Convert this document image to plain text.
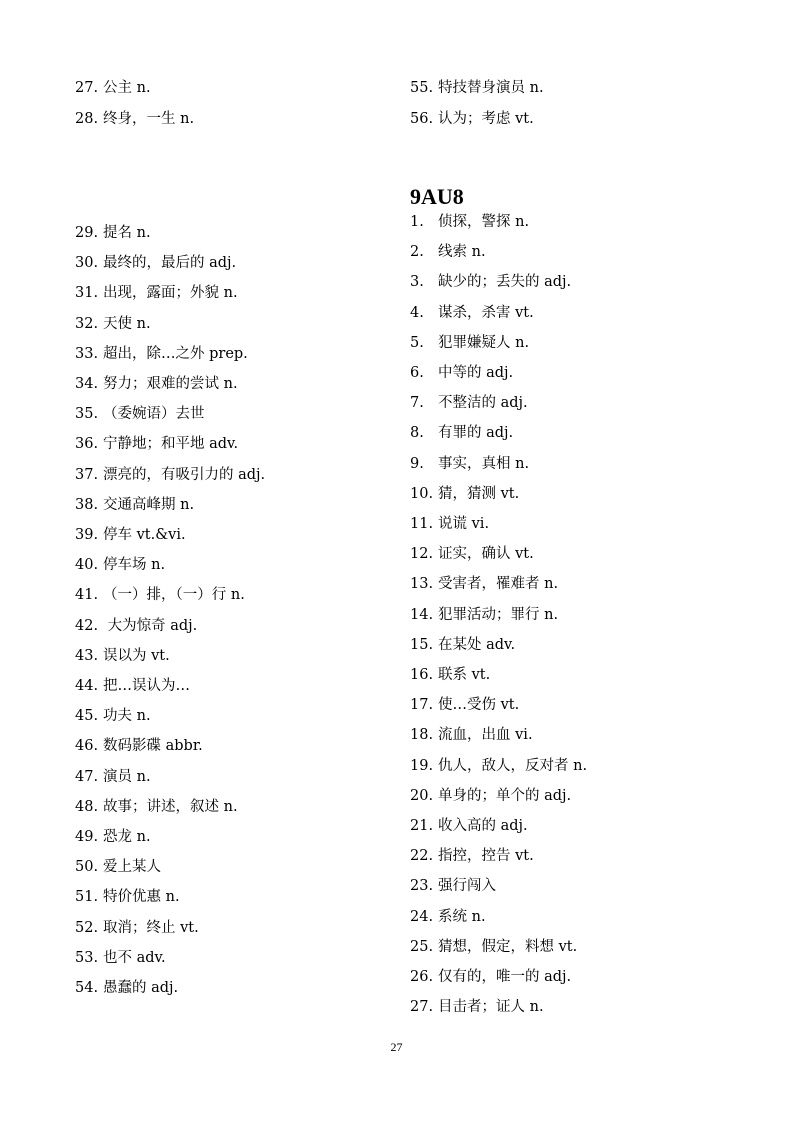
27. 公主 n.
28. 终身，一生 n.
29. 提名 n.
30. 最终的，最后的 adj.
31. 出现，露面；外貌 n.
32. 天使 n.
33. 超出，除…之外 prep.
34. 努力；艰难的尝试 n.
35. （委婉语）去世
36. 宁静地；和平地 adv.
37. 漂亮的，有吸引力的 adj.
38. 交通高峰期 n.
39. 停车 vt.&vi.
40. 停车场 n.
41. （一）排，（一）行 n.
42. 大为惊奇 adj.
43. 误以为 vt.
44. 把…误认为…
45. 功夫 n.
46. 数码影碟 abbr.
47. 演员 n.
48. 故事；讲述，叙述 n.
49. 恐龙 n.
50. 爱上某人
51. 特价优惠 n.
52. 取消；终止 vt.
53. 也不 adv.
54. 愚蠢的 adj.
55. 特技替身演员 n.
56. 认为；考虑 vt.
9AU8
1. 侦探，警探 n.
2. 线索 n.
3. 缺少的；丢失的 adj.
4. 谋杀，杀害 vt.
5. 犯罪嫌疑人 n.
6. 中等的 adj.
7. 不整洁的 adj.
8. 有罪的 adj.
9. 事实，真相 n.
10. 猜，猜测 vt.
11. 说谎 vi.
12. 证实，确认 vt.
13. 受害者，罹难者 n.
14. 犯罪活动；罪行 n.
15. 在某处 adv.
16. 联系 vt.
17. 使…受伤 vt.
18. 流血，出血 vi.
19. 仇人，敌人，反对者 n.
20. 单身的；单个的 adj.
21. 收入高的 adj.
22. 指控，控告 vt.
23. 强行闯入
24. 系统 n.
25. 猜想，假定，料想 vt.
26. 仅有的，唯一的 adj.
27. 目击者；证人 n.
27
